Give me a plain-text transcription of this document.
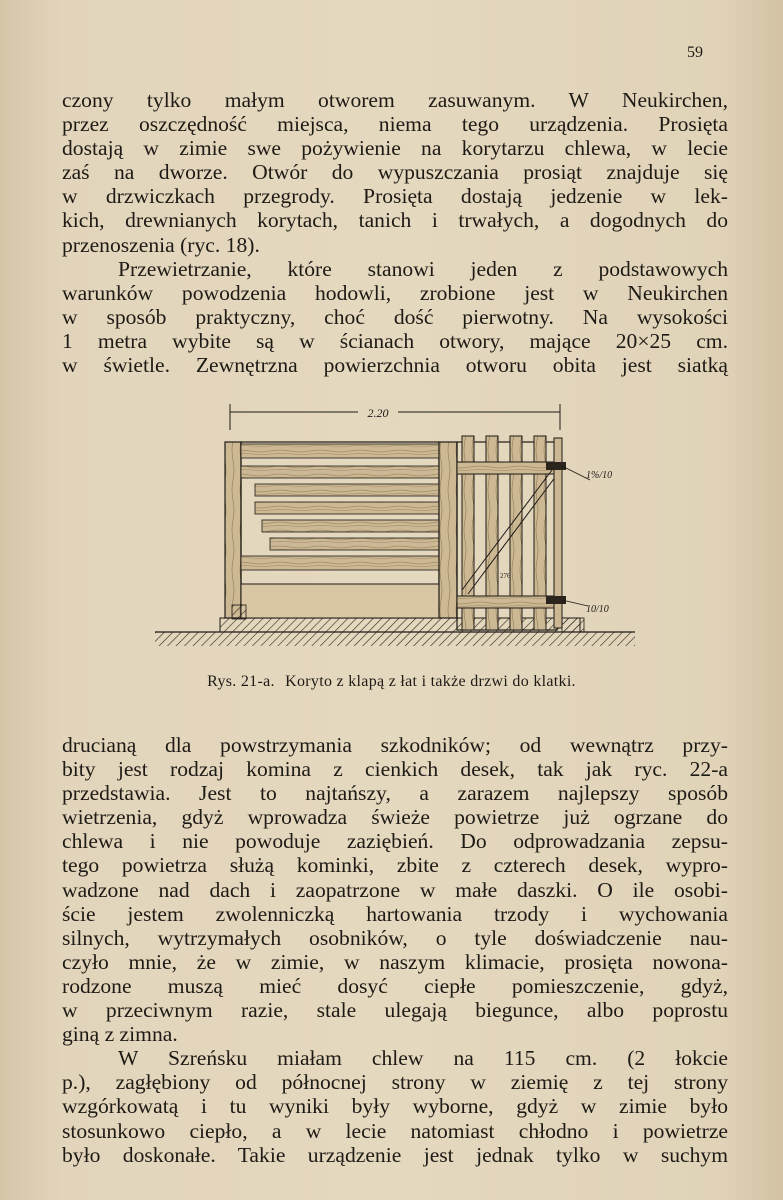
59
czony tylko małym otworem zasuwanym. W Neukirchen,
przez oszczędność miejsca, niema tego urządzenia. Prosięta
dostają w zimie swe pożywienie na korytarzu chlewa, w lecie
zaś na dworze. Otwór do wypuszczania prosiąt znajduje się
w drzwiczkach przegrody. Prosięta dostają jedzenie w lek-
kich, drewnianych korytach, tanich i trwałych, a dogodnych do
przenoszenia (ryc. 18).
Przewietrzanie, które stanowi jeden z podstawowych
warunków powodzenia hodowli, zrobione jest w Neukirchen
w sposób praktyczny, choć dość pierwotny. Na wysokości
1 metra wybite są w ścianach otwory, mające 20×25 cm.
w świetle. Zewnętrzna powierzchnia otworu obita jest siatką
2.20
276
1%/10
10/10
Rys. 21-a. Koryto z klapą z łat i także drzwi do klatki.
drucianą dla powstrzymania szkodników; od wewnątrz przy-
bity jest rodzaj komina z cienkich desek, tak jak ryc. 22-a
przedstawia. Jest to najtańszy, a zarazem najlepszy sposób
wietrzenia, gdyż wprowadza świeże powietrze już ogrzane do
chlewa i nie powoduje zaziębień. Do odprowadzania zepsu-
tego powietrza służą kominki, zbite z czterech desek, wypro-
wadzone nad dach i zaopatrzone w małe daszki. O ile osobi-
ście jestem zwolenniczką hartowania trzody i wychowania
silnych, wytrzymałych osobników, o tyle doświadczenie nau-
czyło mnie, że w zimie, w naszym klimacie, prosięta nowona-
rodzone muszą mieć dosyć ciepłe pomieszczenie, gdyż,
w przeciwnym razie, stale ulegają biegunce, albo poprostu
giną z zimna.
W Szreńsku miałam chlew na 115 cm. (2 łokcie
p.), zagłębiony od północnej strony w ziemię z tej strony
wzgórkowatą i tu wyniki były wyborne, gdyż w zimie było
stosunkowo ciepło, a w lecie natomiast chłodno i powietrze
było doskonałe. Takie urządzenie jest jednak tylko w suchym
